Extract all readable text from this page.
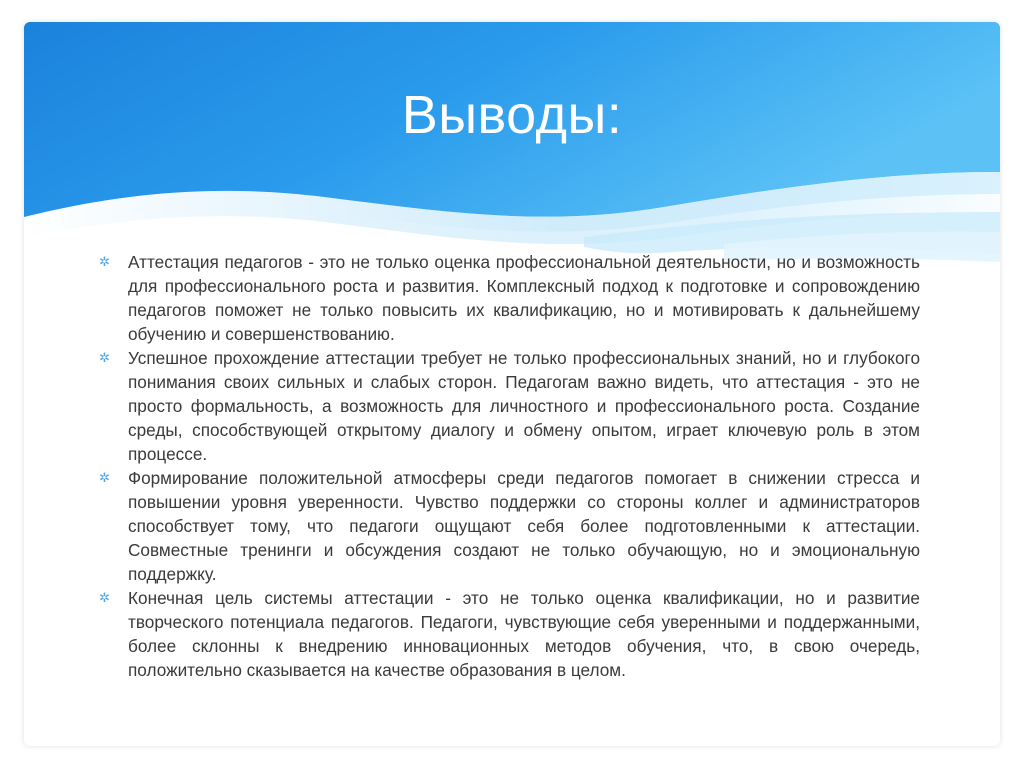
Выводы:
✲ Аттестация педагогов - это не только оценка профессиональной деятельности, но и возможность для профессионального роста и развития. Комплексный подход к подготовке и сопровождению педагогов поможет не только повысить их квалификацию, но и мотивировать к дальнейшему обучению и совершенствованию.
✲ Успешное прохождение аттестации требует не только профессиональных знаний, но и глубокого понимания своих сильных и слабых сторон. Педагогам важно видеть, что аттестация - это не просто формальность, а возможность для личностного и профессионального роста. Создание среды, способствующей открытому диалогу и обмену опытом, играет ключевую роль в этом процессе.
✲ Формирование положительной атмосферы среди педагогов помогает в снижении стресса и повышении уровня уверенности. Чувство поддержки со стороны коллег и администраторов способствует тому, что педагоги ощущают себя более подготовленными к аттестации. Совместные тренинги и обсуждения создают не только обучающую, но и эмоциональную поддержку.
✲ Конечная цель системы аттестации - это не только оценка квалификации, но и развитие творческого потенциала педагогов. Педагоги, чувствующие себя уверенными и поддержанными, более склонны к внедрению инновационных методов обучения, что, в свою очередь, положительно сказывается на качестве образования в целом.
